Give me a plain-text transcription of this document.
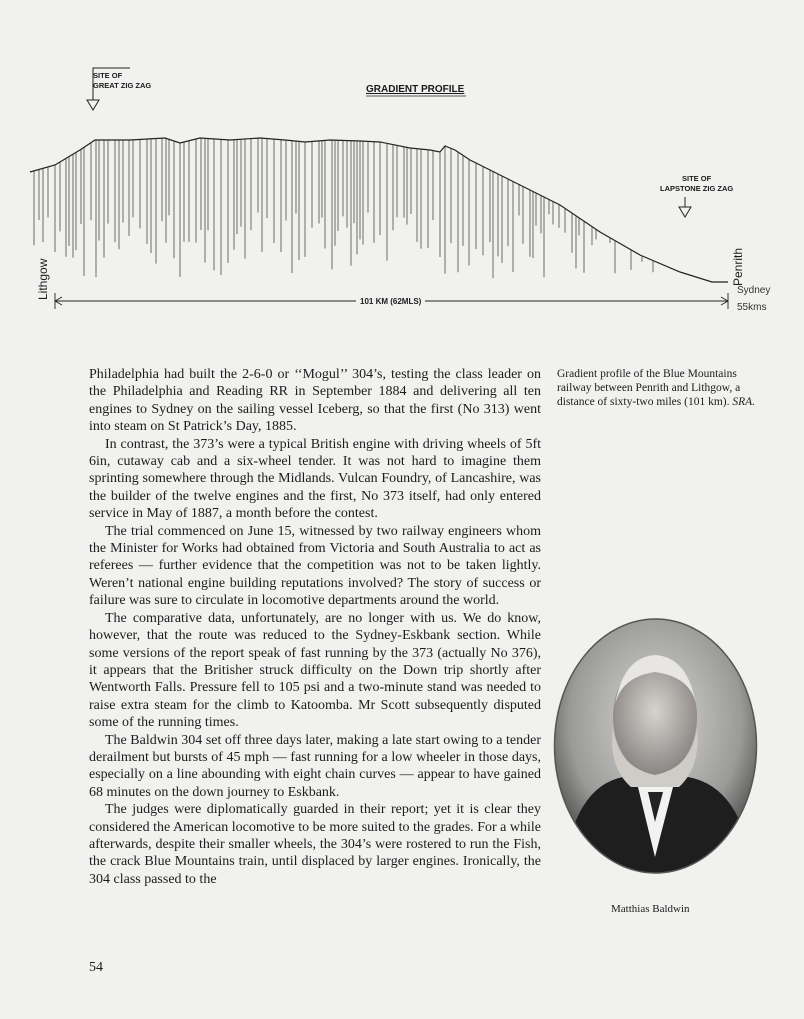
SITE OF
GREAT ZIG ZAG	GRADIENT PROFILE
SITE OF
LAPSTONE ZIG ZAG
Lithgow	Penrith
Sydney
55kms
101 KM (62MLS)
Gradient profile of the Blue Mountains railway between Penrith and Lithgow, a distance of sixty-two miles (101 km). SRA.

Philadelphia had built the 2-6-0 or ‘‘Mogul’’ 304’s, testing the class leader on the Philadelphia and Reading RR in September 1884 and delivering all ten engines to Sydney on the sailing vessel Iceberg, so that the first (No 313) went into steam on St Patrick’s Day, 1885.

In contrast, the 373’s were a typical British engine with driving wheels of 5ft 6in, cutaway cab and a six-wheel tender. It was not hard to imagine them sprinting somewhere through the Midlands. Vulcan Foundry, of Lancashire, was the builder of the twelve engines and the first, No 373 itself, had only entered service in May of 1887, a month before the contest.

The trial commenced on June 15, witnessed by two railway engineers whom the Minister for Works had obtained from Victoria and South Australia to act as referees — further evidence that the competition was not to be taken lightly. Weren’t national engine building reputations involved? The story of success or failure was sure to circulate in locomotive departments around the world.

The comparative data, unfortunately, are no longer with us. We do know, however, that the route was reduced to the Sydney-Eskbank section. While some versions of the report speak of fast running by the 373 (actually No 376), it appears that the Britisher struck difficulty on the Down trip shortly after Wentworth Falls. Pressure fell to 105 psi and a two-minute stand was needed to raise extra steam for the climb to Katoomba. Mr Scott subsequently disputed some of the running times.

The Baldwin 304 set off three days later, making a late start owing to a tender derailment but bursts of 45 mph — fast running for a low wheeler in those days, especially on a line abounding with eight chain curves — appear to have gained 68 minutes on the down journey to Eskbank.

The judges were diplomatically guarded in their report; yet it is clear they considered the American locomotive to be more suited to the grades. For a while afterwards, despite their smaller wheels, the 304’s were rostered to run the Fish, the crack Blue Mountains train, until displaced by larger engines. Ironically, the 304 class passed to the

Matthias Baldwin
54
